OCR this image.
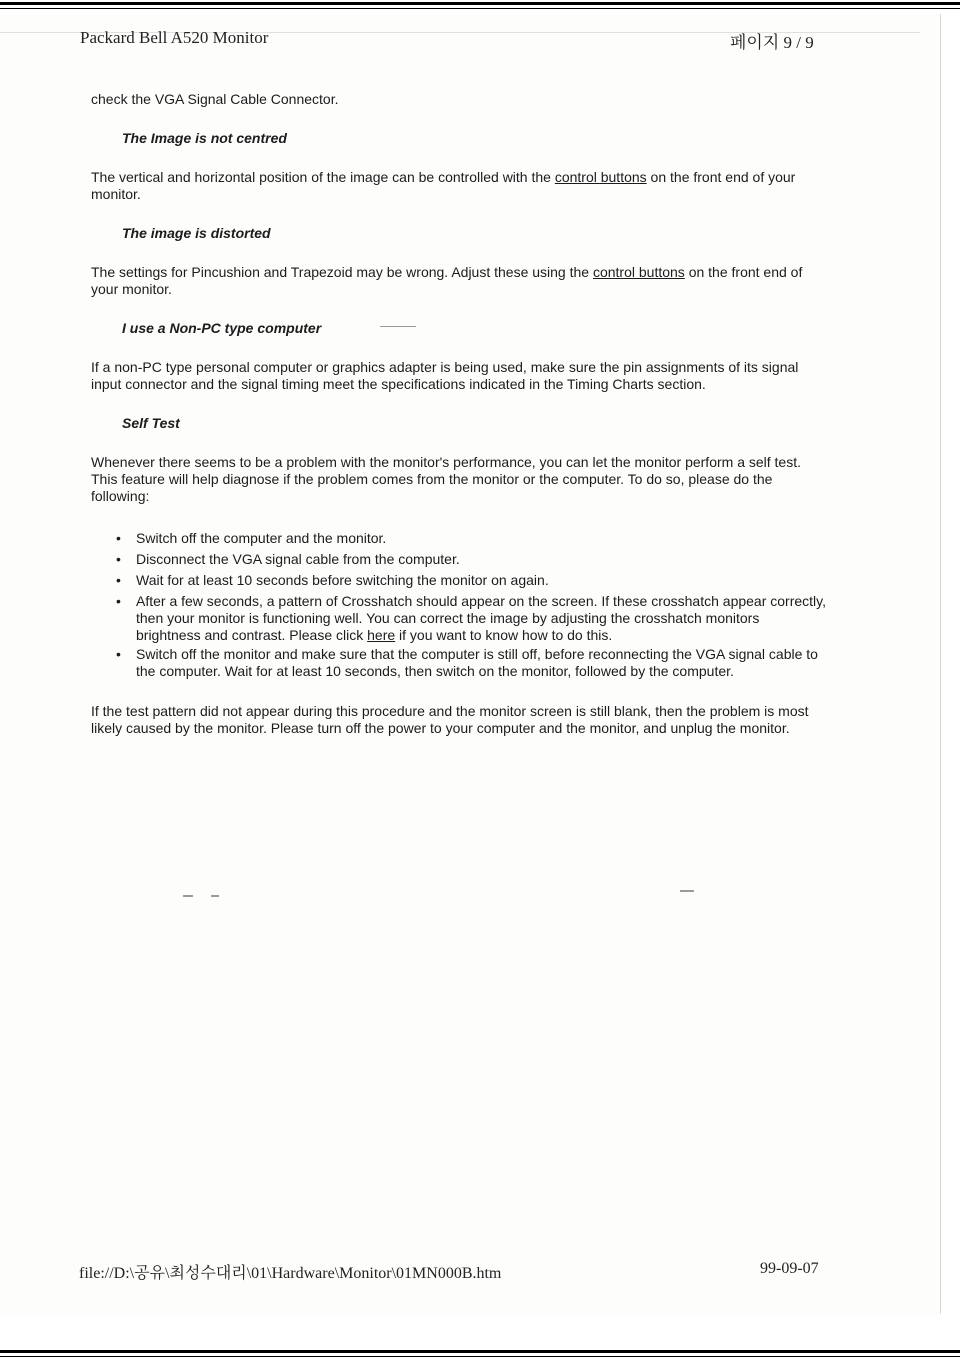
Packard Bell A520 Monitor	페이지 9 / 9

check the VGA Signal Cable Connector.

The Image is not centred

The vertical and horizontal position of the image can be controlled with the control buttons on the front end of your monitor.

The image is distorted

The settings for Pincushion and Trapezoid may be wrong. Adjust these using the control buttons on the front end of your monitor.

I use a Non-PC type computer

If a non-PC type personal computer or graphics adapter is being used, make sure the pin assignments of its signal input connector and the signal timing meet the specifications indicated in the Timing Charts section.

Self Test

Whenever there seems to be a problem with the monitor's performance, you can let the monitor perform a self test. This feature will help diagnose if the problem comes from the monitor or the computer. To do so, please do the following:

• Switch off the computer and the monitor.
• Disconnect the VGA signal cable from the computer.
• Wait for at least 10 seconds before switching the monitor on again.
• After a few seconds, a pattern of Crosshatch should appear on the screen. If these crosshatch appear correctly, then your monitor is functioning well. You can correct the image by adjusting the crosshatch monitors brightness and contrast. Please click here if you want to know how to do this.
• Switch off the monitor and make sure that the computer is still off, before reconnecting the VGA signal cable to the computer. Wait for at least 10 seconds, then switch on the monitor, followed by the computer.

If the test pattern did not appear during this procedure and the monitor screen is still blank, then the problem is most likely caused by the monitor. Please turn off the power to your computer and the monitor, and unplug the monitor.

file://D:\공유\최성수대리\01\Hardware\Monitor\01MN000B.htm	99-09-07
